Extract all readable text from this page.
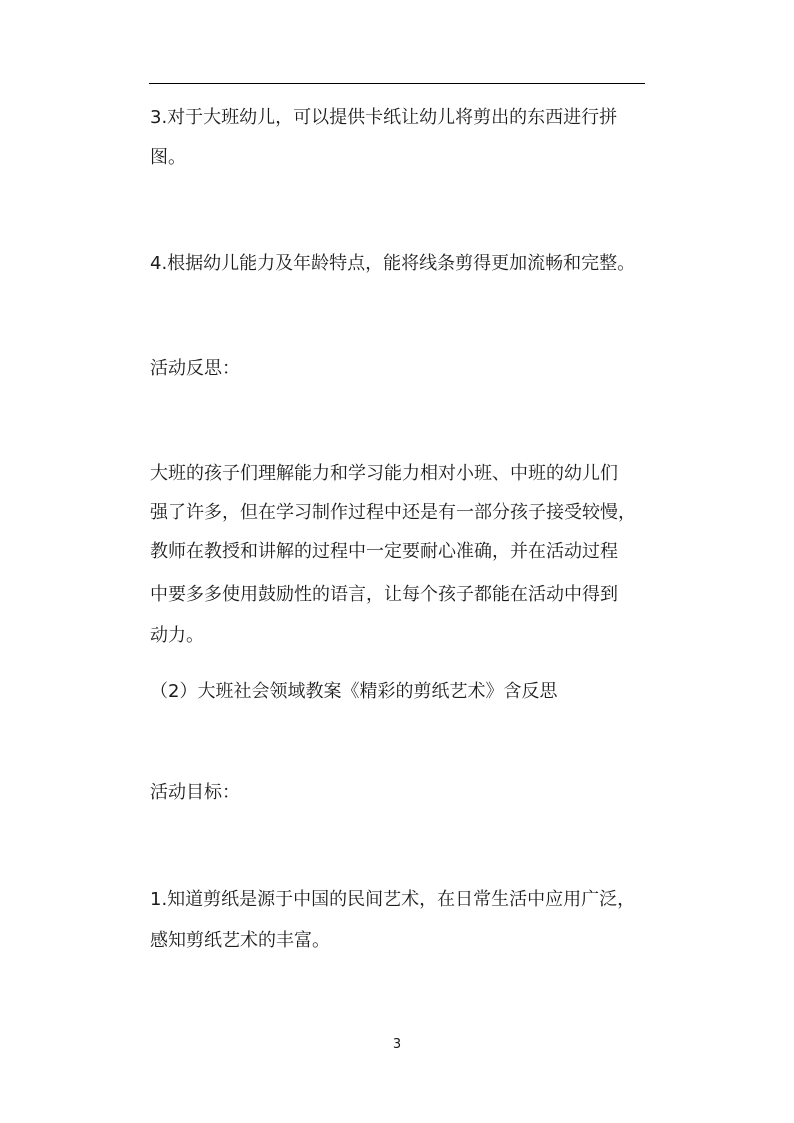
3.对于大班幼儿，可以提供卡纸让幼儿将剪出的东西进行拼
图。
4.根据幼儿能力及年龄特点，能将线条剪得更加流畅和完整。
活动反思：
大班的孩子们理解能力和学习能力相对小班、中班的幼儿们
强了许多，但在学习制作过程中还是有一部分孩子接受较慢，
教师在教授和讲解的过程中一定要耐心准确，并在活动过程
中要多多使用鼓励性的语言，让每个孩子都能在活动中得到
动力。
（2）大班社会领域教案《精彩的剪纸艺术》含反思
活动目标：
1.知道剪纸是源于中国的民间艺术，在日常生活中应用广泛，
感知剪纸艺术的丰富。
3
